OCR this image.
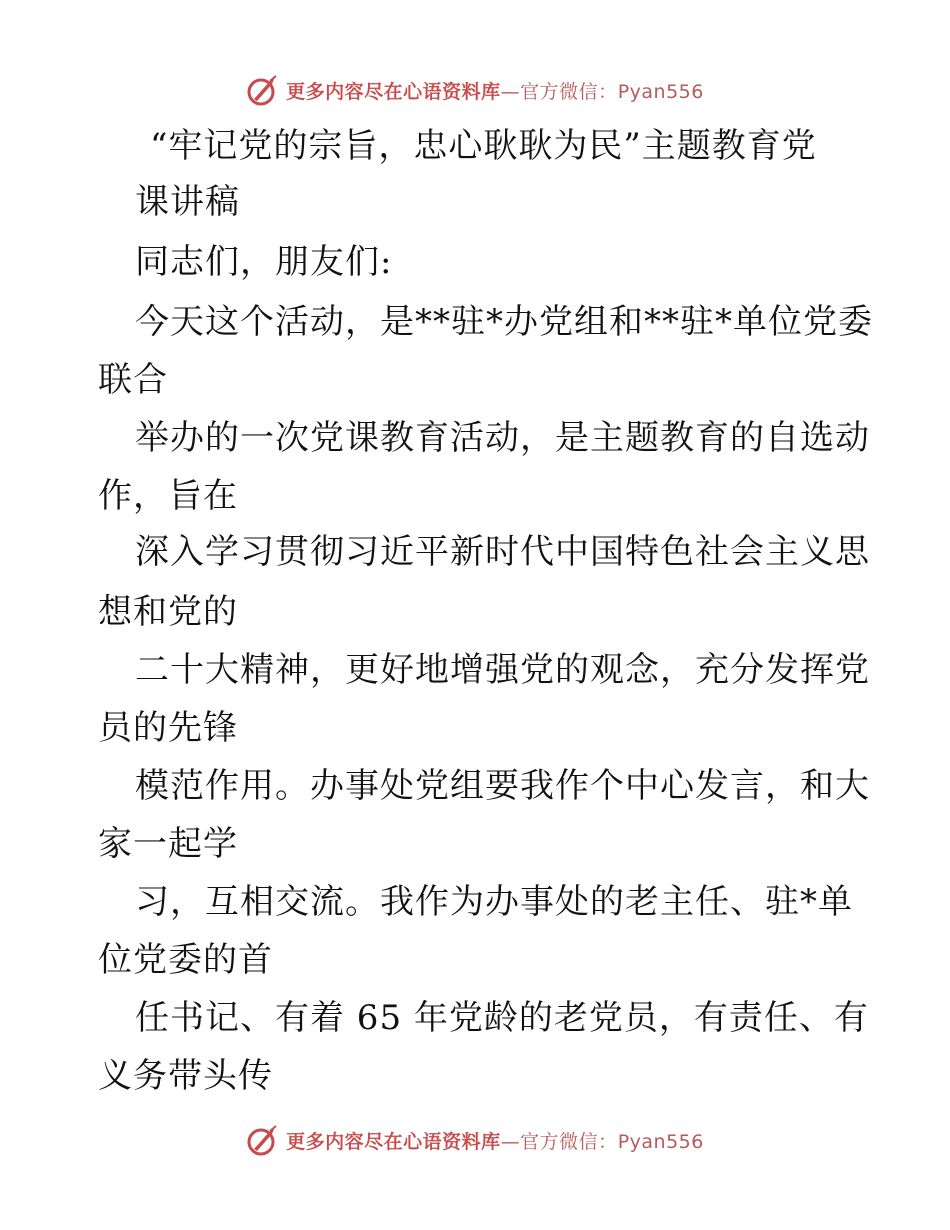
更多内容尽在心语资料库—官方微信：Pyan556
“牢记党的宗旨，忠心耿耿为民”主题教育党
课讲稿
同志们，朋友们:
今天这个活动，是**驻*办党组和**驻*单位党委
联合
举办的一次党课教育活动，是主题教育的自选动
作，旨在
深入学习贯彻习近平新时代中国特色社会主义思
想和党的
二十大精神，更好地增强党的观念，充分发挥党
员的先锋
模范作用。办事处党组要我作个中心发言，和大
家一起学
习，互相交流。我作为办事处的老主任、驻*单
位党委的首
任书记、有着 65 年党龄的老党员，有责任、有
义务带头传
更多内容尽在心语资料库—官方微信：Pyan556
